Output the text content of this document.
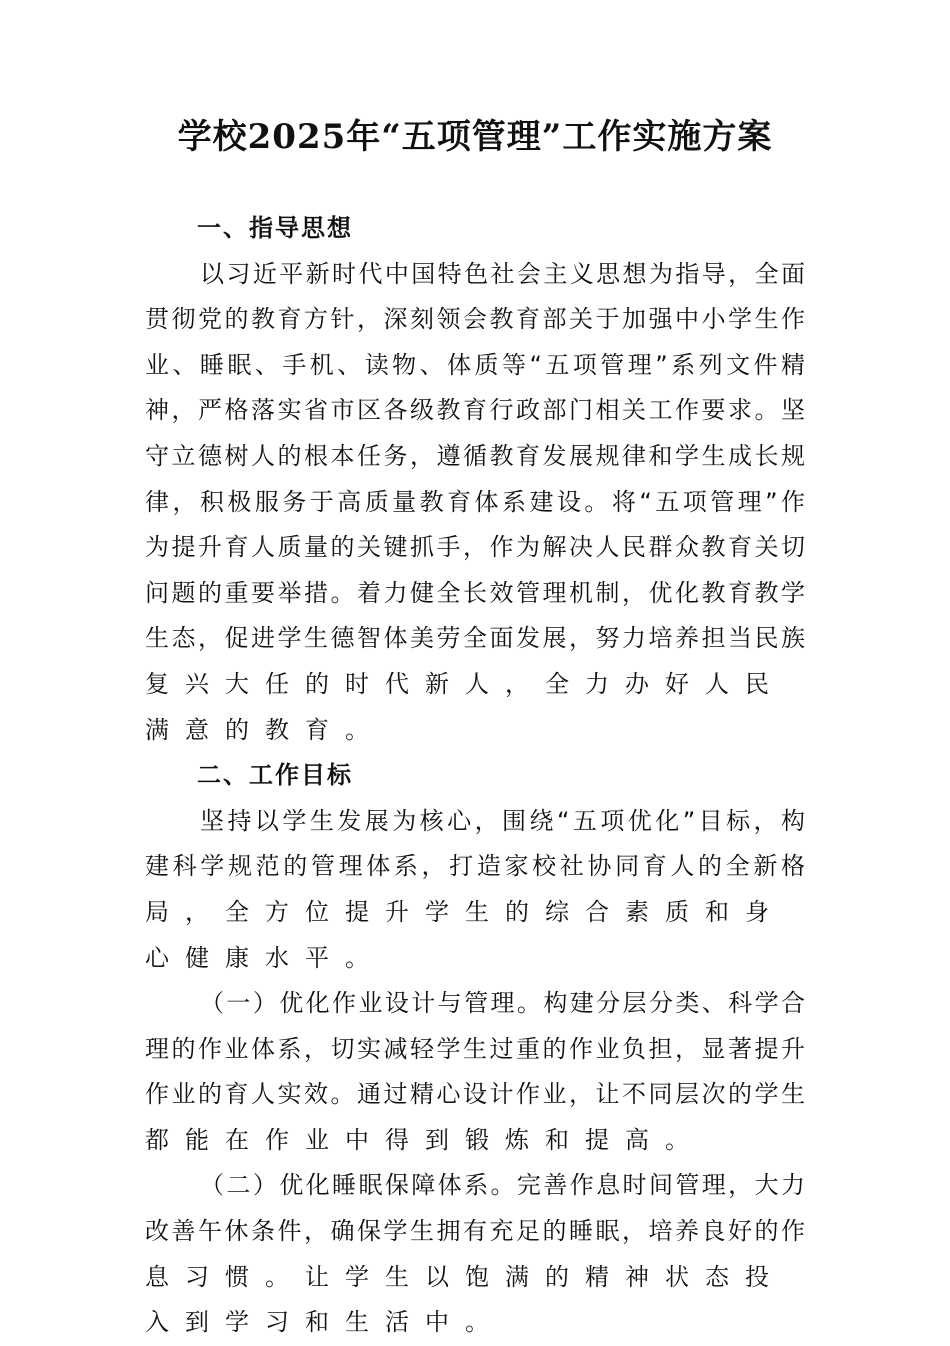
学校2025年“五项管理”工作实施方案
一、指导思想
以习近平新时代中国特色社会主义思想为指导，全面
贯彻党的教育方针，深刻领会教育部关于加强中小学生作
业、睡眠、手机、读物、体质等“五项管理”系列文件精
神，严格落实省市区各级教育行政部门相关工作要求。坚
守立德树人的根本任务，遵循教育发展规律和学生成长规
律，积极服务于高质量教育体系建设。将“五项管理”作
为提升育人质量的关键抓手，作为解决人民群众教育关切
问题的重要举措。着力健全长效管理机制，优化教育教学
生态，促进学生德智体美劳全面发展，努力培养担当民族
复兴大任的时代新人，全力办好人民满意的教育。
二、工作目标
坚持以学生发展为核心，围绕“五项优化”目标，构
建科学规范的管理体系，打造家校社协同育人的全新格
局，全方位提升学生的综合素质和身心健康水平。
（一）优化作业设计与管理。构建分层分类、科学合
理的作业体系，切实减轻学生过重的作业负担，显著提升
作业的育人实效。通过精心设计作业，让不同层次的学生
都能在作业中得到锻炼和提高。
（二）优化睡眠保障体系。完善作息时间管理，大力
改善午休条件，确保学生拥有充足的睡眠，培养良好的作
息习惯。让学生以饱满的精神状态投入到学习和生活中。
